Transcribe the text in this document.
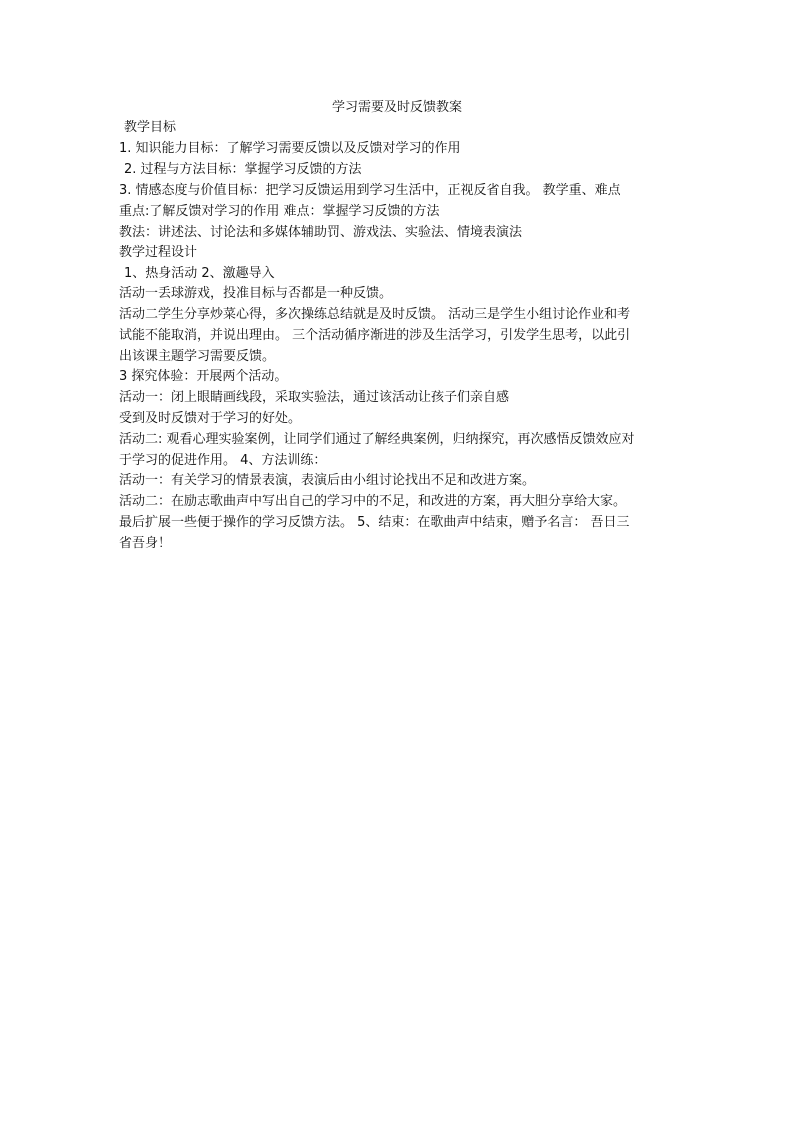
学习需要及时反馈教案
教学目标
1. 知识能力目标：了解学习需要反馈以及反馈对学习的作用
2. 过程与方法目标：掌握学习反馈的方法
3. 情感态度与价值目标：把学习反馈运用到学习生活中，正视反省自我。 教学重、难点
重点:了解反馈对学习的作用 难点：掌握学习反馈的方法
教法：讲述法、讨论法和多媒体辅助罚、游戏法、实验法、情境表演法
教学过程设计
1、热身活动 2、激趣导入
活动一丢球游戏，投准目标与否都是一种反馈。
活动二学生分享炒菜心得，多次操练总结就是及时反馈。 活动三是学生小组讨论作业和考
试能不能取消，并说出理由。 三个活动循序渐进的涉及生活学习，引发学生思考，以此引
出该课主题学习需要反馈。
3 探究体验：开展两个活动。
活动一：闭上眼睛画线段，采取实验法，通过该活动让孩子们亲自感
受到及时反馈对于学习的好处。
活动二: 观看心理实验案例，让同学们通过了解经典案例，归纳探究，再次感悟反馈效应对
于学习的促进作用。 4、方法训练：
活动一：有关学习的情景表演，表演后由小组讨论找出不足和改进方案。
活动二：在励志歌曲声中写出自己的学习中的不足，和改进的方案，再大胆分享给大家。
最后扩展一些便于操作的学习反馈方法。 5、结束：在歌曲声中结束，赠予名言： 吾日三
省吾身！
